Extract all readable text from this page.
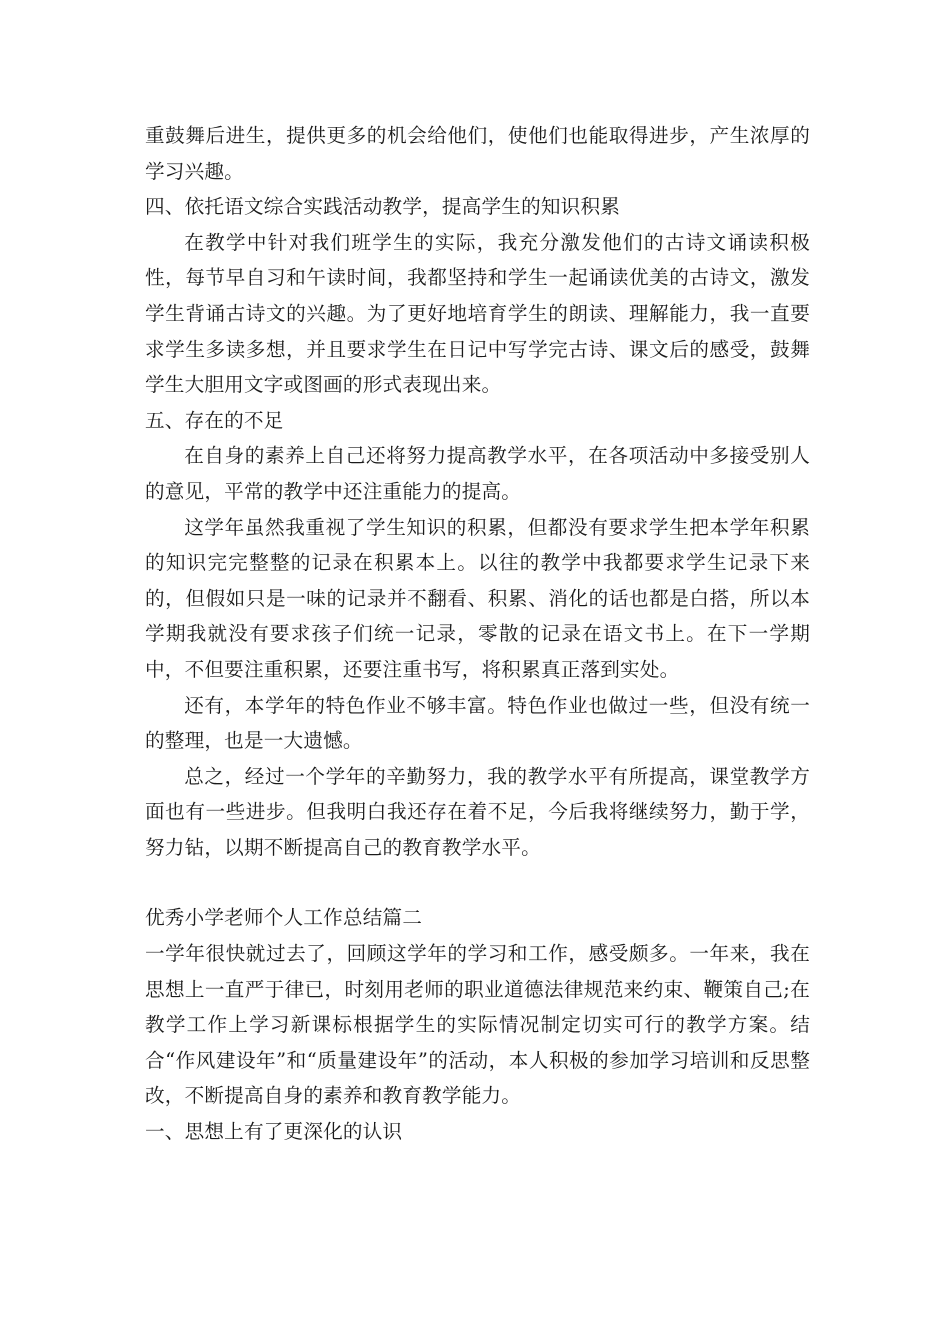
重鼓舞后进生，提供更多的机会给他们，使他们也能取得进步，产生浓厚的学习兴趣。

四、依托语文综合实践活动教学，提高学生的知识积累

在教学中针对我们班学生的实际，我充分激发他们的古诗文诵读积极性，每节早自习和午读时间，我都坚持和学生一起诵读优美的古诗文，激发学生背诵古诗文的兴趣。为了更好地培育学生的朗读、理解能力，我一直要求学生多读多想，并且要求学生在日记中写学完古诗、课文后的感受，鼓舞学生大胆用文字或图画的形式表现出来。

五、存在的不足

在自身的素养上自己还将努力提高教学水平，在各项活动中多接受别人的意见，平常的教学中还注重能力的提高。

这学年虽然我重视了学生知识的积累，但都没有要求学生把本学年积累的知识完完整整的记录在积累本上。以往的教学中我都要求学生记录下来的，但假如只是一味的记录并不翻看、积累、消化的话也都是白搭，所以本学期我就没有要求孩子们统一记录，零散的记录在语文书上。在下一学期中，不但要注重积累，还要注重书写，将积累真正落到实处。

还有，本学年的特色作业不够丰富。特色作业也做过一些，但没有统一的整理，也是一大遗憾。

总之，经过一个学年的辛勤努力，我的教学水平有所提高，课堂教学方面也有一些进步。但我明白我还存在着不足，今后我将继续努力，勤于学，努力钻，以期不断提高自己的教育教学水平。

优秀小学老师个人工作总结篇二

一学年很快就过去了，回顾这学年的学习和工作，感受颇多。一年来，我在思想上一直严于律已，时刻用老师的职业道德法律规范来约束、鞭策自己;在教学工作上学习新课标根据学生的实际情况制定切实可行的教学方案。结合“作风建设年”和“质量建设年”的活动，本人积极的参加学习培训和反思整改，不断提高自身的素养和教育教学能力。

一、思想上有了更深化的认识
